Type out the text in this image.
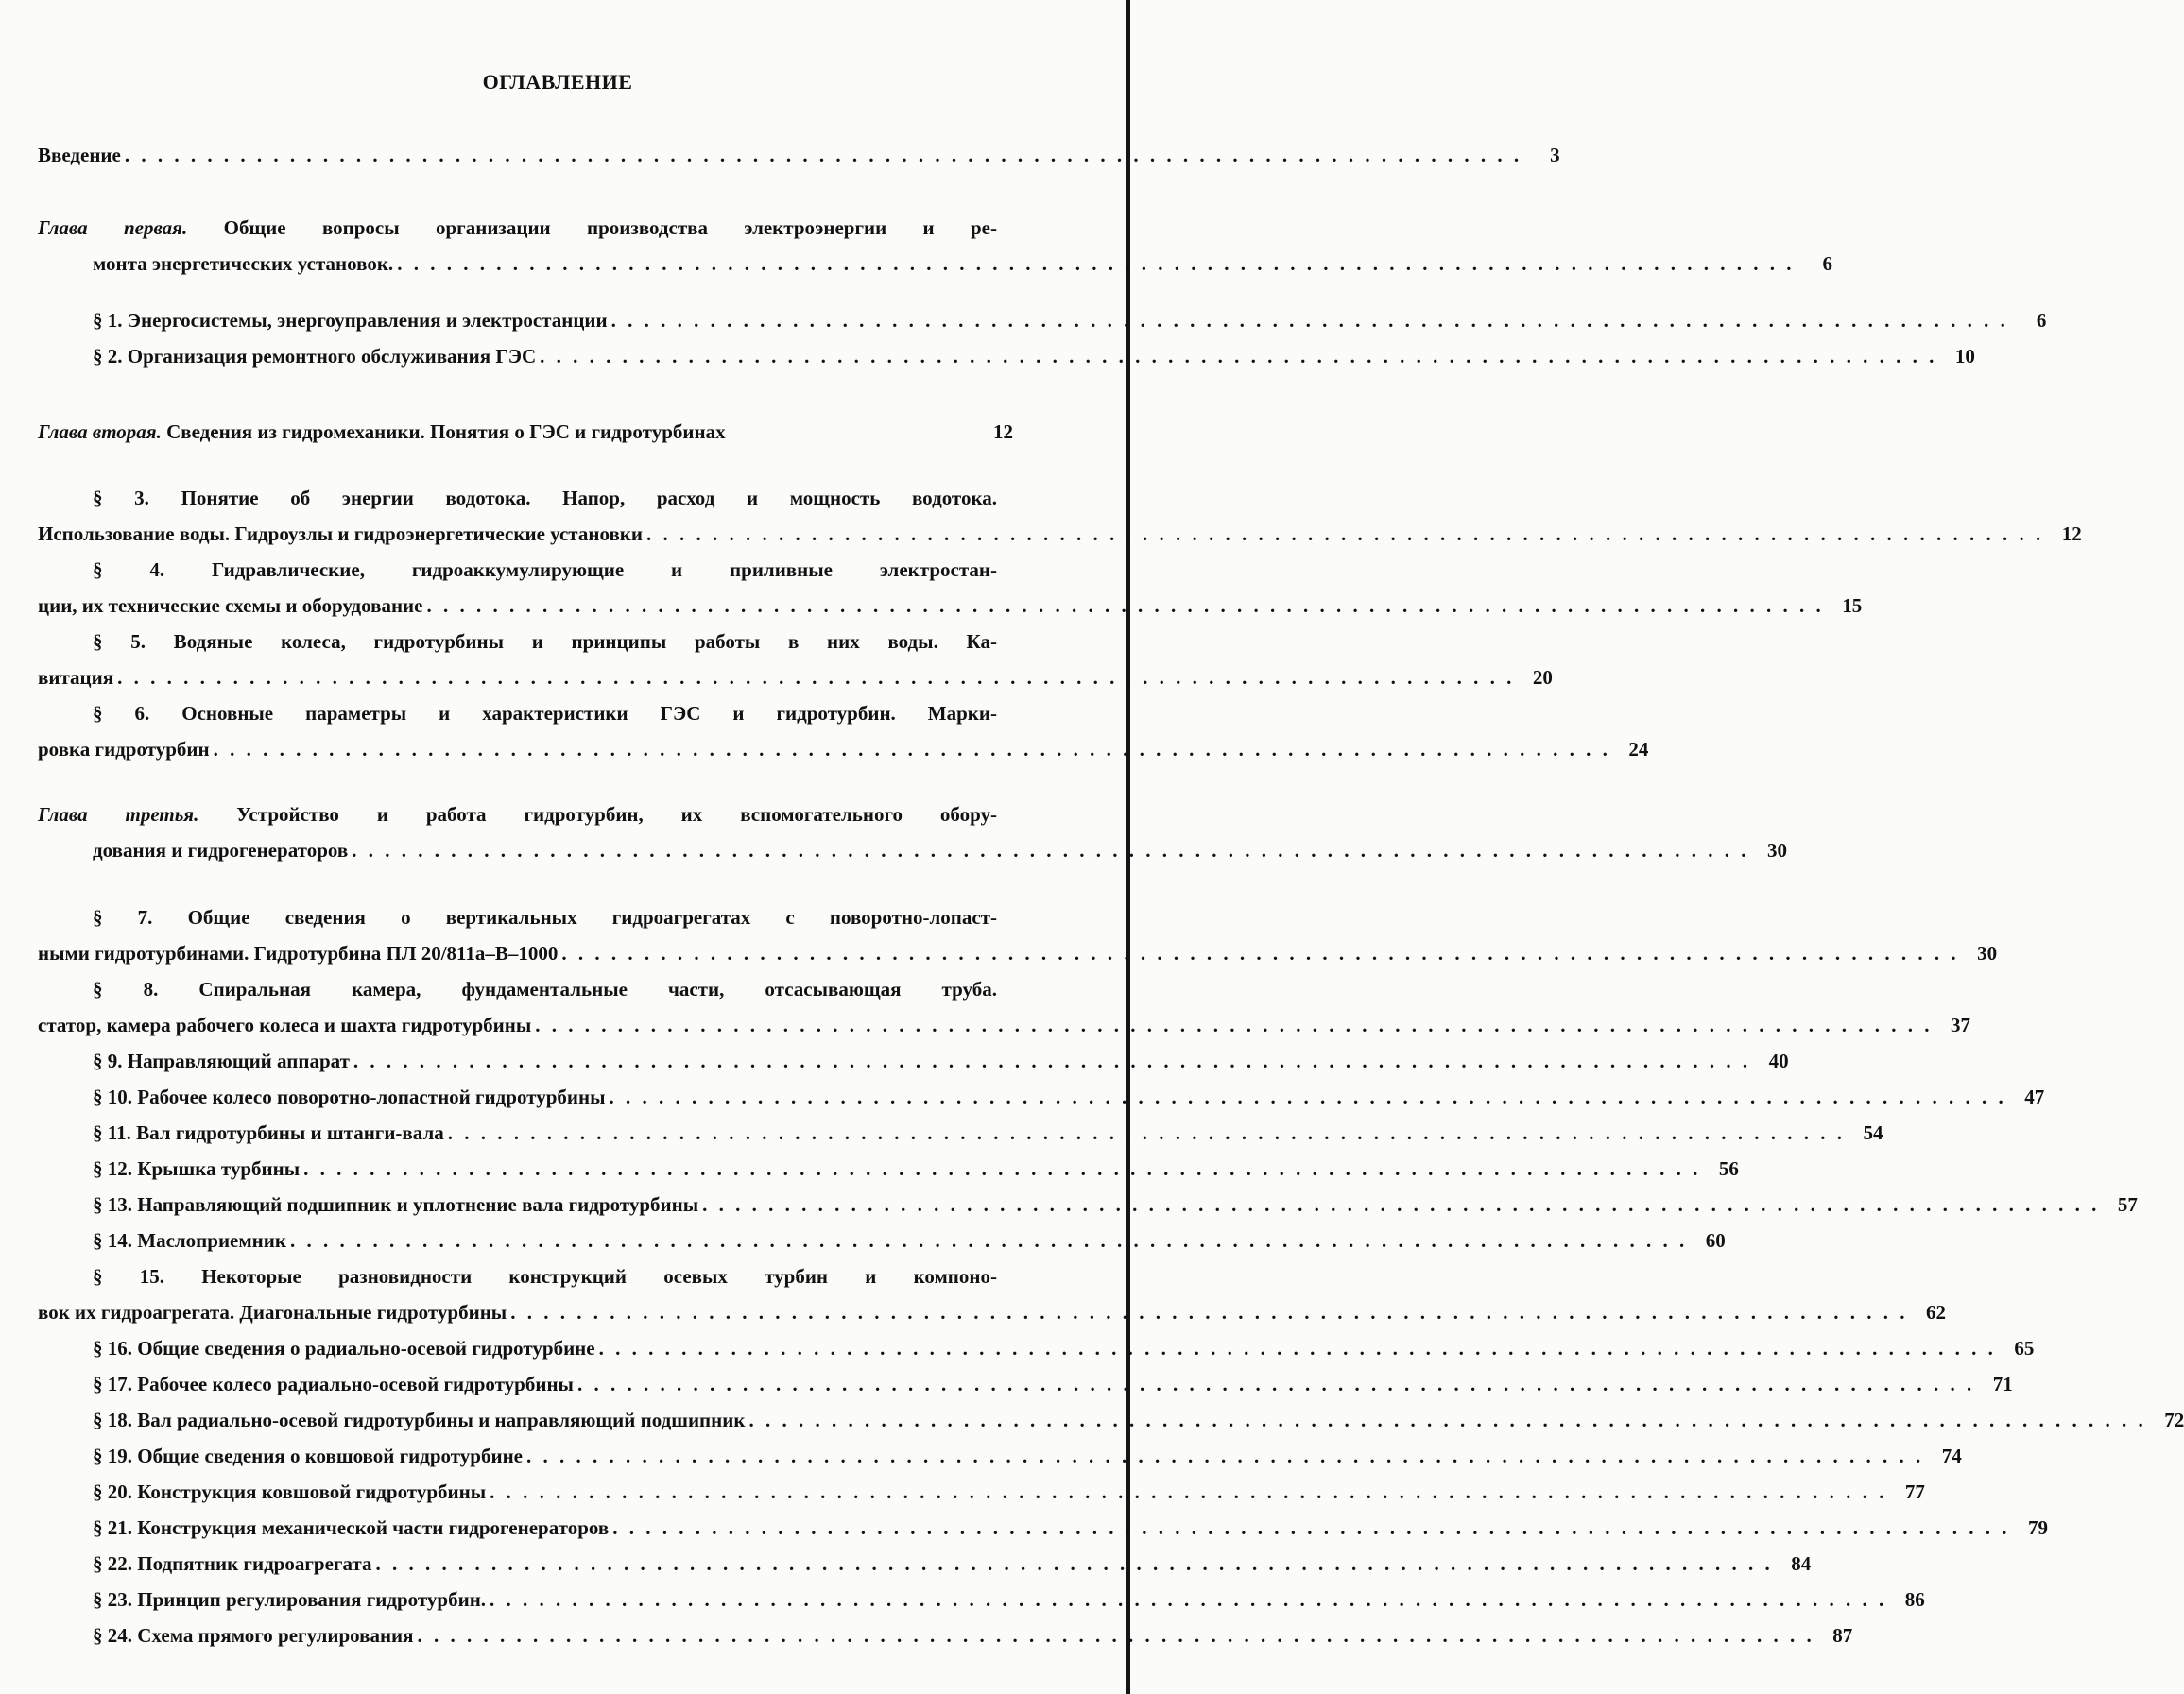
ОГЛАВЛЕНИЕ
Введение . . . . . . . . . . . . . . . . . . . . . . . . . . . . . . . . . . . . . . . . . . . . . . . . . . . . . . . . . . . . . . . . . . . . . . . . . . . . . . . . . . . . .	3
Глава первая. Общие вопросы организации производства электроэнергии и ре-
монта энергетических установок. . . . . . . . . . . . . . . . . . . . . . . . . . . . . . . . . . . . . . . . . . . . . . . . . . . . . . . . . . . . . . . . . . . . . . . . . . . . . . . . . . . . . .	6
§ 1. Энергосистемы, энергоуправления и электростанции . . . . . . . . . . . . . . . . . . . . . . . . . . . . . . . . . . . . . . . . . . . . . . . . . . . . . . . . . . . . . . . . . . . . . . . . . . . . . . . . . . . . .	6
§ 2. Организация ремонтного обслуживания ГЭС . . . . . . . . . . . . . . . . . . . . . . . . . . . . . . . . . . . . . . . . . . . . . . . . . . . . . . . . . . . . . . . . . . . . . . . . . . . . . . . . . . . . . 10
Глава вторая. Сведения из гидромеханики. Понятия о ГЭС и гидротурбинах	12
§ 3. Понятие об энергии водотока. Напор, расход и мощность водотока.
Использование воды. Гидроузлы и гидроэнергетические установки . . . . . . . . . . . . . . . . . . . . . . . . . . . . . . . . . . . . . . . . . . . . . . . . . . . . . . . . . . . . . . . . . . . . . . . . . . . . . . . . . . . . . 12
§ 4. Гидравлические, гидроаккумулирующие и приливные электростан-
ции, их технические схемы и оборудование . . . . . . . . . . . . . . . . . . . . . . . . . . . . . . . . . . . . . . . . . . . . . . . . . . . . . . . . . . . . . . . . . . . . . . . . . . . . . . . . . . . . . 15
§ 5. Водяные колеса, гидротурбины и принципы работы в них воды. Ка-
витация . . . . . . . . . . . . . . . . . . . . . . . . . . . . . . . . . . . . . . . . . . . . . . . . . . . . . . . . . . . . . . . . . . . . . . . . . . . . . . . . . . . . . 20
§ 6. Основные параметры и характеристики ГЭС и гидротурбин. Марки-
ровка гидротурбин . . . . . . . . . . . . . . . . . . . . . . . . . . . . . . . . . . . . . . . . . . . . . . . . . . . . . . . . . . . . . . . . . . . . . . . . . . . . . . . . . . . . . 24
Глава третья. Устройство и работа гидротурбин, их вспомогательного обору-
дования и гидрогенераторов . . . . . . . . . . . . . . . . . . . . . . . . . . . . . . . . . . . . . . . . . . . . . . . . . . . . . . . . . . . . . . . . . . . . . . . . . . . . . . . . . . . . . 30
§ 7. Общие сведения о вертикальных гидроагрегатах с поворотно-лопаст-
ными гидротурбинами. Гидротурбина ПЛ 20/811а–В–1000 . . . . . . . . . . . . . . . . . . . . . . . . . . . . . . . . . . . . . . . . . . . . . . . . . . . . . . . . . . . . . . . . . . . . . . . . . . . . . . . . . . . . . 30
§ 8. Спиральная камера, фундаментальные части, отсасывающая труба.
статор, камера рабочего колеса и шахта гидротурбины . . . . . . . . . . . . . . . . . . . . . . . . . . . . . . . . . . . . . . . . . . . . . . . . . . . . . . . . . . . . . . . . . . . . . . . . . . . . . . . . . . . . . 37
§ 9. Направляющий аппарат . . . . . . . . . . . . . . . . . . . . . . . . . . . . . . . . . . . . . . . . . . . . . . . . . . . . . . . . . . . . . . . . . . . . . . . . . . . . . . . . . . . . . 40
§ 10. Рабочее колесо поворотно-лопастной гидротурбины . . . . . . . . . . . . . . . . . . . . . . . . . . . . . . . . . . . . . . . . . . . . . . . . . . . . . . . . . . . . . . . . . . . . . . . . . . . . . . . . . . . . . 47
§ 11. Вал гидротурбины и штанги-вала . . . . . . . . . . . . . . . . . . . . . . . . . . . . . . . . . . . . . . . . . . . . . . . . . . . . . . . . . . . . . . . . . . . . . . . . . . . . . . . . . . . . . 54
§ 12. Крышка турбины . . . . . . . . . . . . . . . . . . . . . . . . . . . . . . . . . . . . . . . . . . . . . . . . . . . . . . . . . . . . . . . . . . . . . . . . . . . . . . . . . . . . . 56
§ 13. Направляющий подшипник и уплотнение вала гидротурбины . . . . . . . . . . . . . . . . . . . . . . . . . . . . . . . . . . . . . . . . . . . . . . . . . . . . . . . . . . . . . . . . . . . . . . . . . . . . . . . . . . . . . 57
§ 14. Маслоприемник . . . . . . . . . . . . . . . . . . . . . . . . . . . . . . . . . . . . . . . . . . . . . . . . . . . . . . . . . . . . . . . . . . . . . . . . . . . . . . . . . . . . . 60
§ 15. Некоторые разновидности конструкций осевых турбин и компоно-
вок их гидроагрегата. Диагональные гидротурбины . . . . . . . . . . . . . . . . . . . . . . . . . . . . . . . . . . . . . . . . . . . . . . . . . . . . . . . . . . . . . . . . . . . . . . . . . . . . . . . . . . . . . 62
§ 16. Общие сведения о радиально-осевой гидротурбине . . . . . . . . . . . . . . . . . . . . . . . . . . . . . . . . . . . . . . . . . . . . . . . . . . . . . . . . . . . . . . . . . . . . . . . . . . . . . . . . . . . . . 65
§ 17. Рабочее колесо радиально-осевой гидротурбины . . . . . . . . . . . . . . . . . . . . . . . . . . . . . . . . . . . . . . . . . . . . . . . . . . . . . . . . . . . . . . . . . . . . . . . . . . . . . . . . . . . . . 71
§ 18. Вал радиально-осевой гидротурбины и направляющий подшипник . . . . . . . . . . . . . . . . . . . . . . . . . . . . . . . . . . . . . . . . . . . . . . . . . . . . . . . . . . . . . . . . . . . . . . . . . . . . . . . . . . . . . 72
§ 19. Общие сведения о ковшовой гидротурбине . . . . . . . . . . . . . . . . . . . . . . . . . . . . . . . . . . . . . . . . . . . . . . . . . . . . . . . . . . . . . . . . . . . . . . . . . . . . . . . . . . . . . 74
§ 20. Конструкция ковшовой гидротурбины . . . . . . . . . . . . . . . . . . . . . . . . . . . . . . . . . . . . . . . . . . . . . . . . . . . . . . . . . . . . . . . . . . . . . . . . . . . . . . . . . . . . . 77
§ 21. Конструкция механической части гидрогенераторов . . . . . . . . . . . . . . . . . . . . . . . . . . . . . . . . . . . . . . . . . . . . . . . . . . . . . . . . . . . . . . . . . . . . . . . . . . . . . . . . . . . . . 79
§ 22. Подпятник гидроагрегата . . . . . . . . . . . . . . . . . . . . . . . . . . . . . . . . . . . . . . . . . . . . . . . . . . . . . . . . . . . . . . . . . . . . . . . . . . . . . . . . . . . . . 84
§ 23. Принцип регулирования гидротурбин. . . . . . . . . . . . . . . . . . . . . . . . . . . . . . . . . . . . . . . . . . . . . . . . . . . . . . . . . . . . . . . . . . . . . . . . . . . . . . . . . . . . . . 86
§ 24. Схема прямого регулирования . . . . . . . . . . . . . . . . . . . . . . . . . . . . . . . . . . . . . . . . . . . . . . . . . . . . . . . . . . . . . . . . . . . . . . . . . . . . . . . . . . . . . 87
